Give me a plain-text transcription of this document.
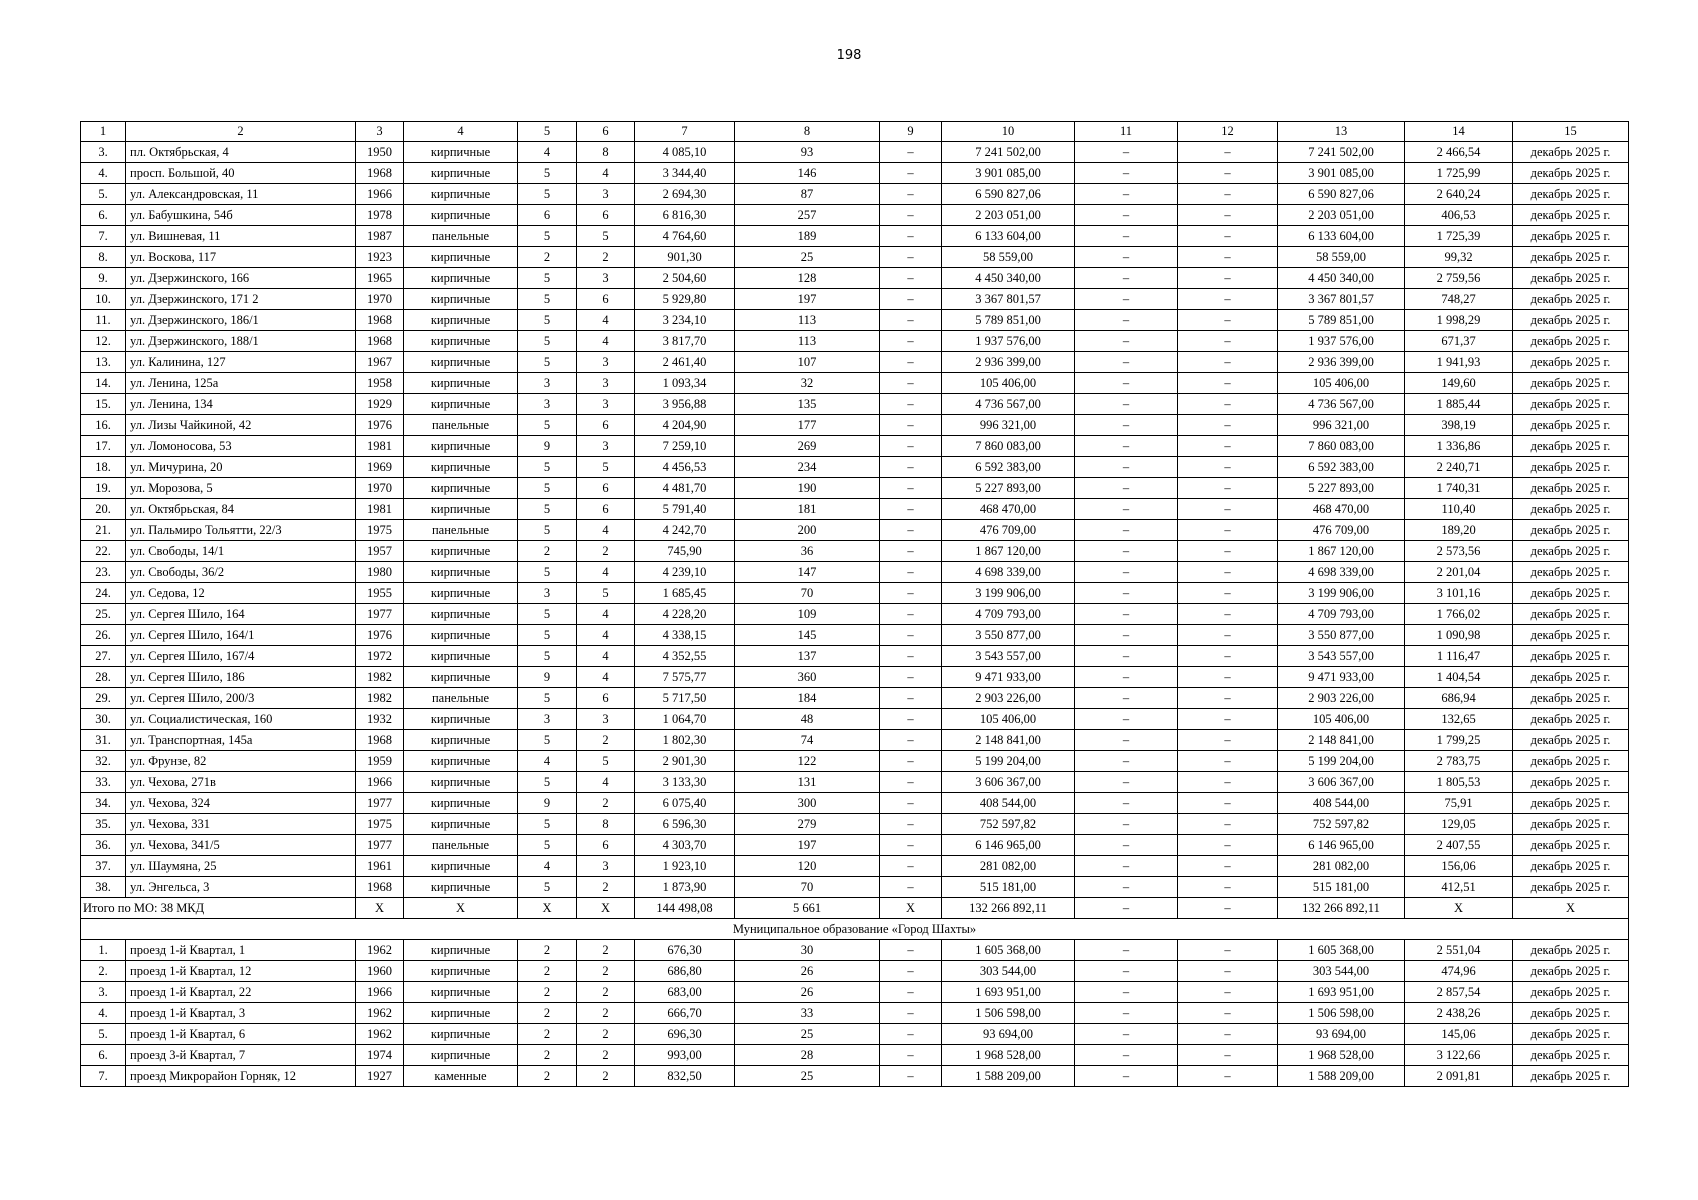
198
1	2	3	4	5	6	7	8	9	10	11	12	13	14	15
3.	пл. Октябрьская, 4	1950	кирпичные	4	8	4 085,10	93	–	7 241 502,00	–	–	7 241 502,00	2 466,54	декабрь 2025 г.
4.	просп. Большой, 40	1968	кирпичные	5	4	3 344,40	146	–	3 901 085,00	–	–	3 901 085,00	1 725,99	декабрь 2025 г.
5.	ул. Александровская, 11	1966	кирпичные	5	3	2 694,30	87	–	6 590 827,06	–	–	6 590 827,06	2 640,24	декабрь 2025 г.
6.	ул. Бабушкина, 54б	1978	кирпичные	6	6	6 816,30	257	–	2 203 051,00	–	–	2 203 051,00	406,53	декабрь 2025 г.
7.	ул. Вишневая, 11	1987	панельные	5	5	4 764,60	189	–	6 133 604,00	–	–	6 133 604,00	1 725,39	декабрь 2025 г.
8.	ул. Воскова, 117	1923	кирпичные	2	2	901,30	25	–	58 559,00	–	–	58 559,00	99,32	декабрь 2025 г.
9.	ул. Дзержинского, 166	1965	кирпичные	5	3	2 504,60	128	–	4 450 340,00	–	–	4 450 340,00	2 759,56	декабрь 2025 г.
10.	ул. Дзержинского, 171 2	1970	кирпичные	5	6	5 929,80	197	–	3 367 801,57	–	–	3 367 801,57	748,27	декабрь 2025 г.
11.	ул. Дзержинского, 186/1	1968	кирпичные	5	4	3 234,10	113	–	5 789 851,00	–	–	5 789 851,00	1 998,29	декабрь 2025 г.
12.	ул. Дзержинского, 188/1	1968	кирпичные	5	4	3 817,70	113	–	1 937 576,00	–	–	1 937 576,00	671,37	декабрь 2025 г.
13.	ул. Калинина, 127	1967	кирпичные	5	3	2 461,40	107	–	2 936 399,00	–	–	2 936 399,00	1 941,93	декабрь 2025 г.
14.	ул. Ленина, 125а	1958	кирпичные	3	3	1 093,34	32	–	105 406,00	–	–	105 406,00	149,60	декабрь 2025 г.
15.	ул. Ленина, 134	1929	кирпичные	3	3	3 956,88	135	–	4 736 567,00	–	–	4 736 567,00	1 885,44	декабрь 2025 г.
16.	ул. Лизы Чайкиной, 42	1976	панельные	5	6	4 204,90	177	–	996 321,00	–	–	996 321,00	398,19	декабрь 2025 г.
17.	ул. Ломоносова, 53	1981	кирпичные	9	3	7 259,10	269	–	7 860 083,00	–	–	7 860 083,00	1 336,86	декабрь 2025 г.
18.	ул. Мичурина, 20	1969	кирпичные	5	5	4 456,53	234	–	6 592 383,00	–	–	6 592 383,00	2 240,71	декабрь 2025 г.
19.	ул. Морозова, 5	1970	кирпичные	5	6	4 481,70	190	–	5 227 893,00	–	–	5 227 893,00	1 740,31	декабрь 2025 г.
20.	ул. Октябрьская, 84	1981	кирпичные	5	6	5 791,40	181	–	468 470,00	–	–	468 470,00	110,40	декабрь 2025 г.
21.	ул. Пальмиро Тольятти, 22/3	1975	панельные	5	4	4 242,70	200	–	476 709,00	–	–	476 709,00	189,20	декабрь 2025 г.
22.	ул. Свободы, 14/1	1957	кирпичные	2	2	745,90	36	–	1 867 120,00	–	–	1 867 120,00	2 573,56	декабрь 2025 г.
23.	ул. Свободы, 36/2	1980	кирпичные	5	4	4 239,10	147	–	4 698 339,00	–	–	4 698 339,00	2 201,04	декабрь 2025 г.
24.	ул. Седова, 12	1955	кирпичные	3	5	1 685,45	70	–	3 199 906,00	–	–	3 199 906,00	3 101,16	декабрь 2025 г.
25.	ул. Сергея Шило, 164	1977	кирпичные	5	4	4 228,20	109	–	4 709 793,00	–	–	4 709 793,00	1 766,02	декабрь 2025 г.
26.	ул. Сергея Шило, 164/1	1976	кирпичные	5	4	4 338,15	145	–	3 550 877,00	–	–	3 550 877,00	1 090,98	декабрь 2025 г.
27.	ул. Сергея Шило, 167/4	1972	кирпичные	5	4	4 352,55	137	–	3 543 557,00	–	–	3 543 557,00	1 116,47	декабрь 2025 г.
28.	ул. Сергея Шило, 186	1982	кирпичные	9	4	7 575,77	360	–	9 471 933,00	–	–	9 471 933,00	1 404,54	декабрь 2025 г.
29.	ул. Сергея Шило, 200/3	1982	панельные	5	6	5 717,50	184	–	2 903 226,00	–	–	2 903 226,00	686,94	декабрь 2025 г.
30.	ул. Социалистическая, 160	1932	кирпичные	3	3	1 064,70	48	–	105 406,00	–	–	105 406,00	132,65	декабрь 2025 г.
31.	ул. Транспортная, 145а	1968	кирпичные	5	2	1 802,30	74	–	2 148 841,00	–	–	2 148 841,00	1 799,25	декабрь 2025 г.
32.	ул. Фрунзе, 82	1959	кирпичные	4	5	2 901,30	122	–	5 199 204,00	–	–	5 199 204,00	2 783,75	декабрь 2025 г.
33.	ул. Чехова, 271в	1966	кирпичные	5	4	3 133,30	131	–	3 606 367,00	–	–	3 606 367,00	1 805,53	декабрь 2025 г.
34.	ул. Чехова, 324	1977	кирпичные	9	2	6 075,40	300	–	408 544,00	–	–	408 544,00	75,91	декабрь 2025 г.
35.	ул. Чехова, 331	1975	кирпичные	5	8	6 596,30	279	–	752 597,82	–	–	752 597,82	129,05	декабрь 2025 г.
36.	ул. Чехова, 341/5	1977	панельные	5	6	4 303,70	197	–	6 146 965,00	–	–	6 146 965,00	2 407,55	декабрь 2025 г.
37.	ул. Шаумяна, 25	1961	кирпичные	4	3	1 923,10	120	–	281 082,00	–	–	281 082,00	156,06	декабрь 2025 г.
38.	ул. Энгельса, 3	1968	кирпичные	5	2	1 873,90	70	–	515 181,00	–	–	515 181,00	412,51	декабрь 2025 г.
Итого по МО: 38 МКД		X	X	X	X	144 498,08	5 661	X	132 266 892,11	–	–	132 266 892,11	X	X
Муниципальное образование «Город Шахты»														
1.	проезд 1-й Квартал, 1	1962	кирпичные	2	2	676,30	30	–	1 605 368,00	–	–	1 605 368,00	2 551,04	декабрь 2025 г.
2.	проезд 1-й Квартал, 12	1960	кирпичные	2	2	686,80	26	–	303 544,00	–	–	303 544,00	474,96	декабрь 2025 г.
3.	проезд 1-й Квартал, 22	1966	кирпичные	2	2	683,00	26	–	1 693 951,00	–	–	1 693 951,00	2 857,54	декабрь 2025 г.
4.	проезд 1-й Квартал, 3	1962	кирпичные	2	2	666,70	33	–	1 506 598,00	–	–	1 506 598,00	2 438,26	декабрь 2025 г.
5.	проезд 1-й Квартал, 6	1962	кирпичные	2	2	696,30	25	–	93 694,00	–	–	93 694,00	145,06	декабрь 2025 г.
6.	проезд 3-й Квартал, 7	1974	кирпичные	2	2	993,00	28	–	1 968 528,00	–	–	1 968 528,00	3 122,66	декабрь 2025 г.
7.	проезд Микрорайон Горняк, 12	1927	каменные	2	2	832,50	25	–	1 588 209,00	–	–	1 588 209,00	2 091,81	декабрь 2025 г.
